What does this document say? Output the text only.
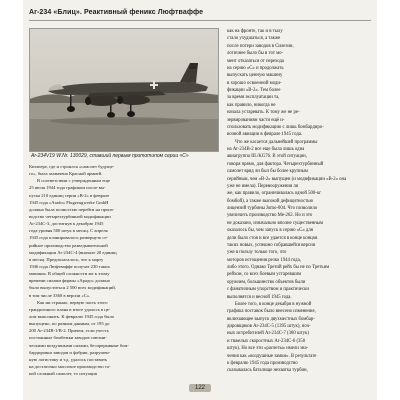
Ar-234 «Блиц». Реактивный феникс Люфтваффе
Ar-234V19 W.Nr. 130029, ставший первым прототипом серии «С»

Кюппере, где и строился «самолет будуще-
го», была захвачена Красной армией.

В соответствии с утвержденным еще
25 июля 1944 года графиком после вы-
пуска 210 единиц серии «В-2» в феврале
1945 года «Arado» Flugzeugwerke GmbH
должна была полностью перейти на произ-
водство четырехтурбинной модификации
Аr-234С-3, достигнув к декабрю 1945
года уровня 500 штук в месяц. С апреля
1945 года планировалось развернуть се-
рийное производство разведывательной
модификации Ar-234С-4 (вначале 20 единиц
в месяц. Предполагалось, что к марту
1946 года Люфтваффе получат 230 таких
машины. В общей сложности же к этому
времени силами фирмы «Арадо» должно
было выпуститься 2 500 всех модификаций,
в том числе 3360 в версии «С».

Как ни странно, первую часть этого
грандиозного плана в итоге удалось в це-
лом выполнить. К февралю 1945 года было
выпущено, по разным данным, от 195 до
200 Ar-234B-1/В-2. Причем, если учесть
постоянные бомбежки заводов союзни-
ческими воздушными силами, беспрерывные бом-
бардировки заводов и фабрик, разрушен-
ную логистику и т.д. удалось поставить
на достаточно массовое производство та-
кой сложный самолет, то ситуация

как на фронте, так и в тылу
стало ухудшаться, а также
после потери заводов в Силезии,
логичнее было бы в тот мо-
мент отказаться от перехода
на серию «С» и продолжать
выпускать ценную машину
в хорошо освоенной моди-
фикации «В-2». Тем более
за время эксплуатации та,
как правило, никогда не
начала устаревать. К тому же не ре-
зервированиям части ещё и-
спользовать модификацию с лишь бомбардиро-
вочной авиации в феврале 1945 года.

Что же касается дальнейшей программы
на Ar-234B-2 все еще была лишь одна
авиагруппа III./KG76. В этой ситуации,
говоря прямо, для фактора. Четырехтурбинный
самолет вряд ли был бы более крупным
серийным, чем «В-2» выпущен (и модификации «В-2» она
уже не имела). Перевооружения ли
же, как правило, ограничивалась одной 500-кг
бомбой), а также высокой дефицитностью
лицензий турбины Jumo-004. Что позволило
увеличить производство Ме-262. Но и это
не доказано, изначально вполне существенным
оказалось бы, чем запуск в серию «С» для
дели было стоя и все удается в конце концов
таких новых, успешно собравшейся версии
уже в пользу только того, что
моторов истощения резко 1944 года,
либо этого. Однако Третий рейх бы не по Третьим
рейхом, со всех боевым устаревшим
оружием, большинство объектов были
с фанатичным упорством и практически
выполнятся и весной 1945 года.

Более того, в конце декабря в нужной
графика поставок было внесено изменение,
включающее выпуск двухместных бомбар-
дировщиков Ar-234C-5 (1395 штук), ноч-
ных истребителей Ar-234C-7 (380 штук)
и тяжелых скоростных Ar-234C-6 (350
штук). Но все эти «расчеты» имели зна-
чения как «воздушные замки». В результате
к февралю 1945 года производство
сказывалась баталище нехватка турбин,

122
